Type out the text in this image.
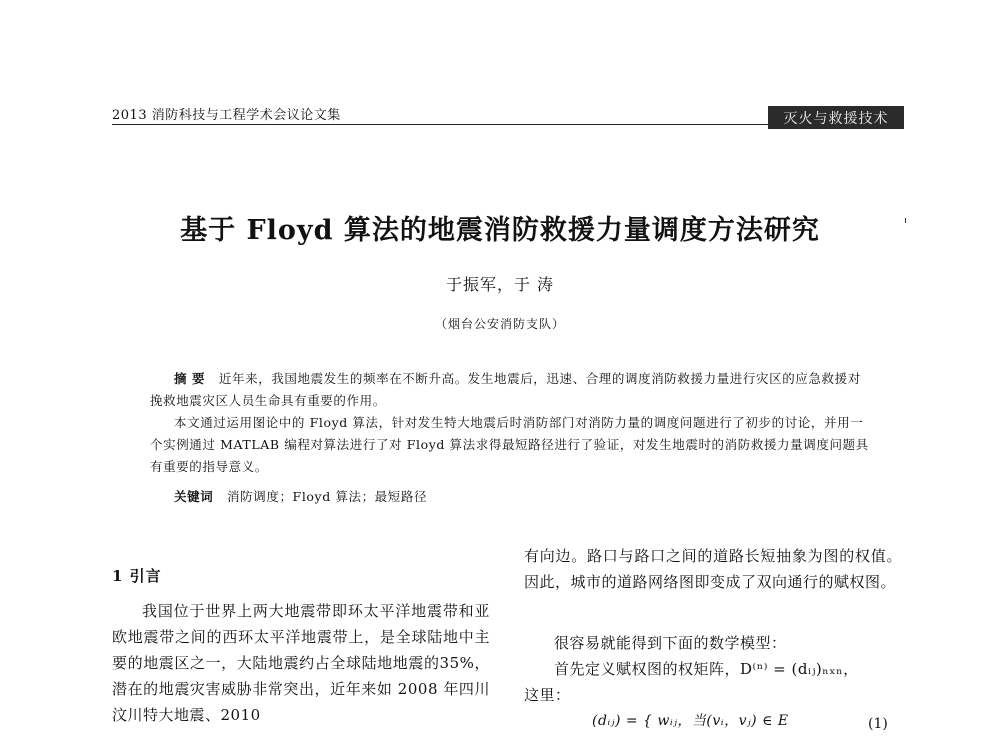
2013 消防科技与工程学术会议论文集	灭火与救援技术
基于 Floyd 算法的地震消防救援力量调度方法研究
于振军，于 涛
（烟台公安消防支队）

摘 要 近年来，我国地震发生的频率在不断升高。发生地震后，迅速、合理的调度消防救援力量进行灾区的应急救援对挽救地震灾区人员生命具有重要的作用。

本文通过运用图论中的 Floyd 算法，针对发生特大地震后时消防部门对消防力量的调度问题进行了初步的讨论，并用一个实例通过 MATLAB 编程对算法进行了对 Floyd 算法求得最短路径进行了验证，对发生地震时的消防救援力量调度问题具有重要的指导意义。

关键词 消防调度；Floyd 算法；最短路径
1 引言

我国位于世界上两大地震带即环太平洋地震带和亚欧地震带之间的西环太平洋地震带上，是全球陆地中主要的地震区之一，大陆地震约占全球陆地地震的35%，潜在的地震灾害威胁非常突出，近年来如 2008 年四川汶川特大地震、2010

有向边。路口与路口之间的道路长短抽象为图的权值。因此，城市的道路网络图即变成了双向通行的赋权图。

很容易就能得到下面的数学模型：

首先定义赋权图的权矩阵，D⁽ⁿ⁾ = (dᵢⱼ)ₙₓₙ，

这里：

(dᵢⱼ) = { wᵢⱼ，当(vᵢ，vⱼ) ∈ E	(1)
